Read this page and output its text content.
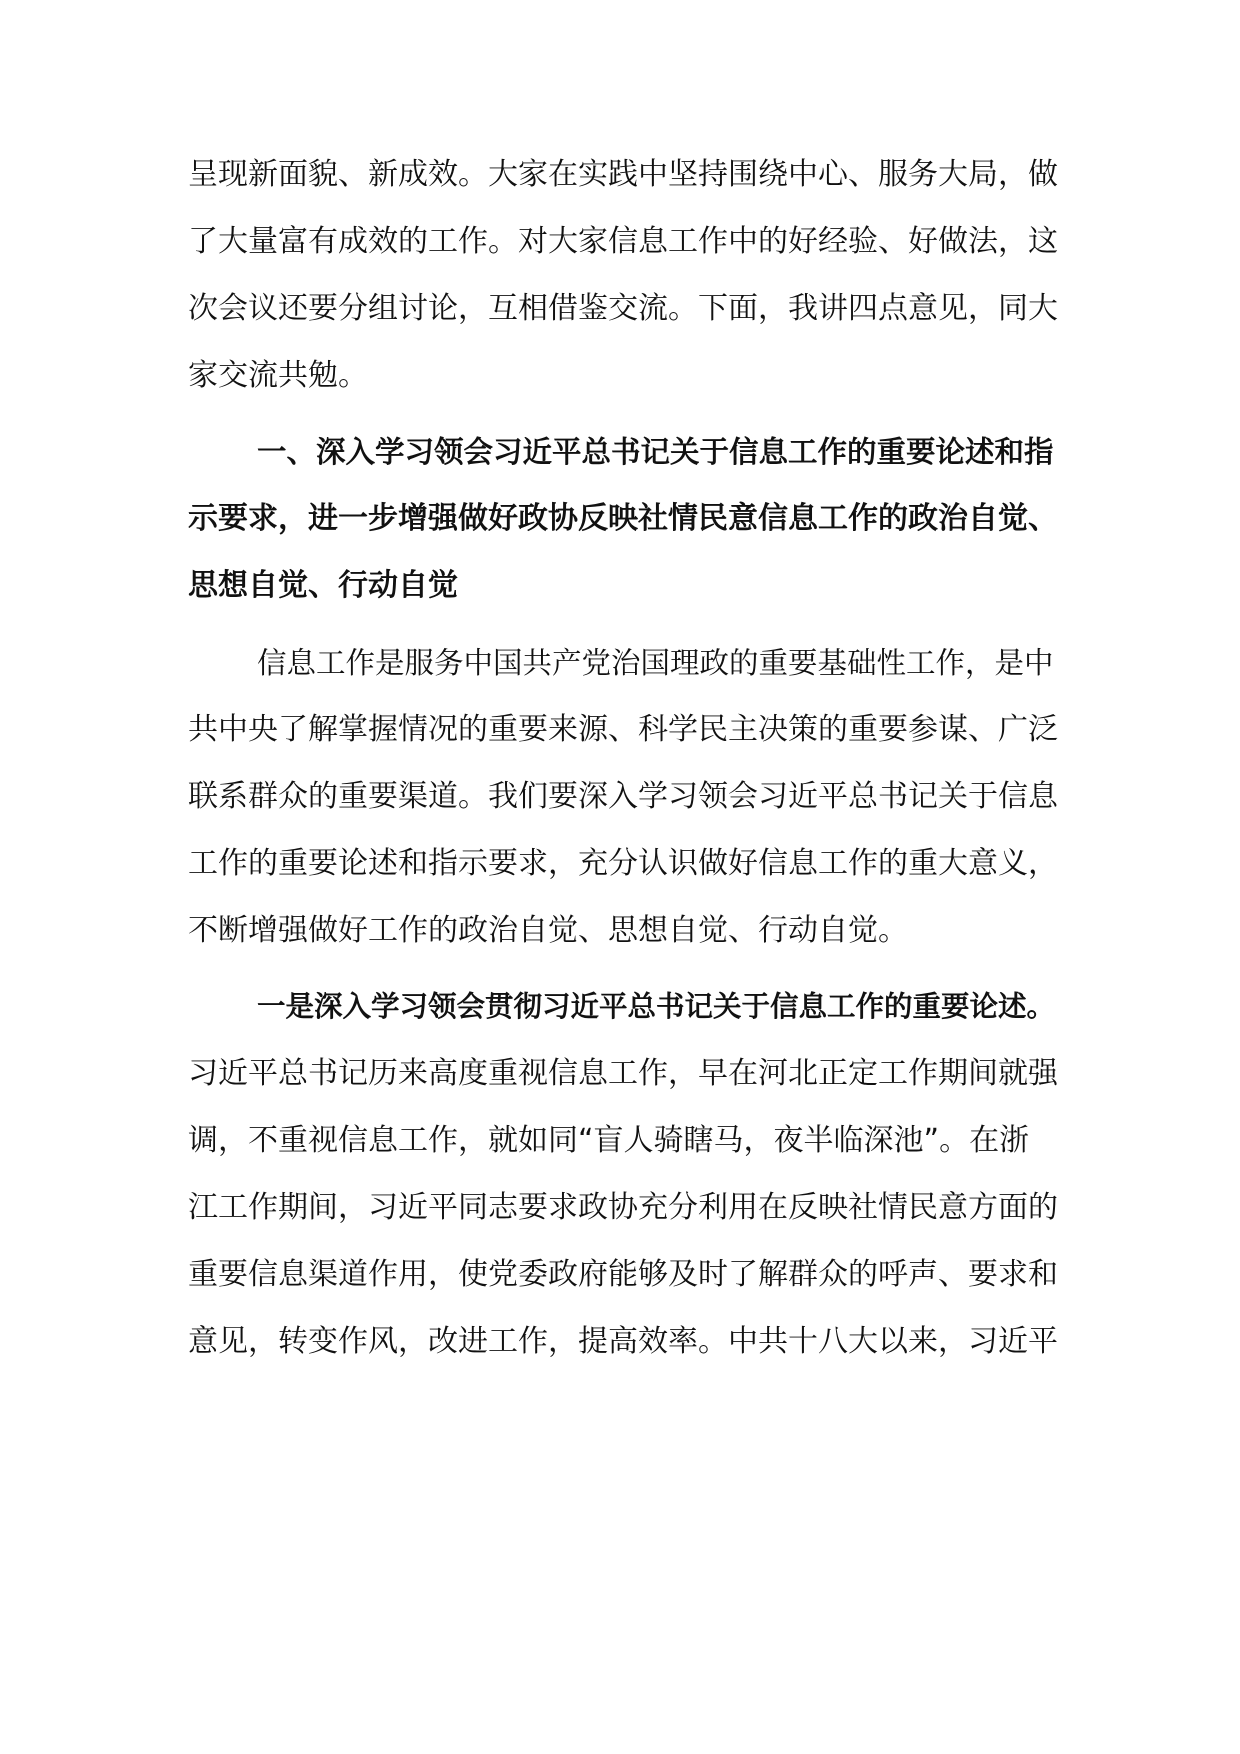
呈现新面貌、新成效。大家在实践中坚持围绕中心、服务大局，做
了大量富有成效的工作。对大家信息工作中的好经验、好做法，这
次会议还要分组讨论，互相借鉴交流。下面，我讲四点意见，同大
家交流共勉。
一、深入学习领会习近平总书记关于信息工作的重要论述和指
示要求，进一步增强做好政协反映社情民意信息工作的政治自觉、
思想自觉、行动自觉
信息工作是服务中国共产党治国理政的重要基础性工作，是中
共中央了解掌握情况的重要来源、科学民主决策的重要参谋、广泛
联系群众的重要渠道。我们要深入学习领会习近平总书记关于信息
工作的重要论述和指示要求，充分认识做好信息工作的重大意义，
不断增强做好工作的政治自觉、思想自觉、行动自觉。
一是深入学习领会贯彻习近平总书记关于信息工作的重要论述。
习近平总书记历来高度重视信息工作，早在河北正定工作期间就强
调，不重视信息工作，就如同“盲人骑瞎马，夜半临深池”。在浙
江工作期间，习近平同志要求政协充分利用在反映社情民意方面的
重要信息渠道作用，使党委政府能够及时了解群众的呼声、要求和
意见，转变作风，改进工作，提高效率。中共十八大以来，习近平
